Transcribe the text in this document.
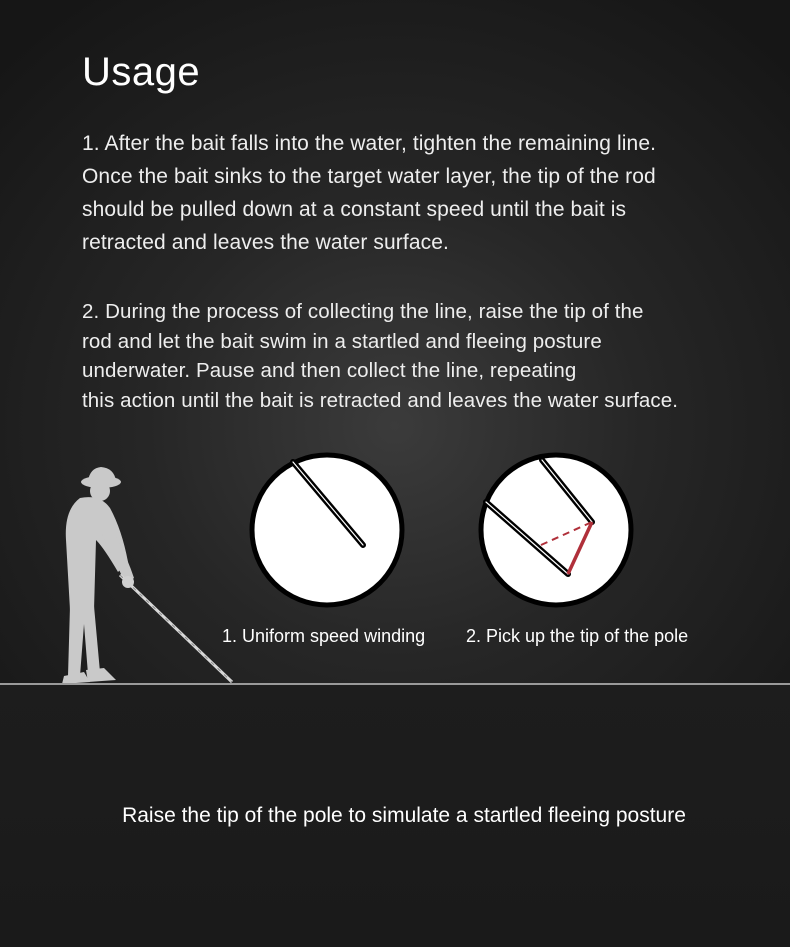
Usage

1. After the bait falls into the water, tighten the remaining line.
Once the bait sinks to the target water layer, the tip of the rod
should be pulled down at a constant speed until the bait is
retracted and leaves the water surface.

2. During the process of collecting the line, raise the tip of the
rod and let the bait swim in a startled and fleeing posture
underwater. Pause and then collect the line, repeating
this action until the bait is retracted and leaves the water surface.

1. Uniform speed winding 2. Pick up the tip of the pole

Raise the tip of the pole to simulate a startled fleeing posture
